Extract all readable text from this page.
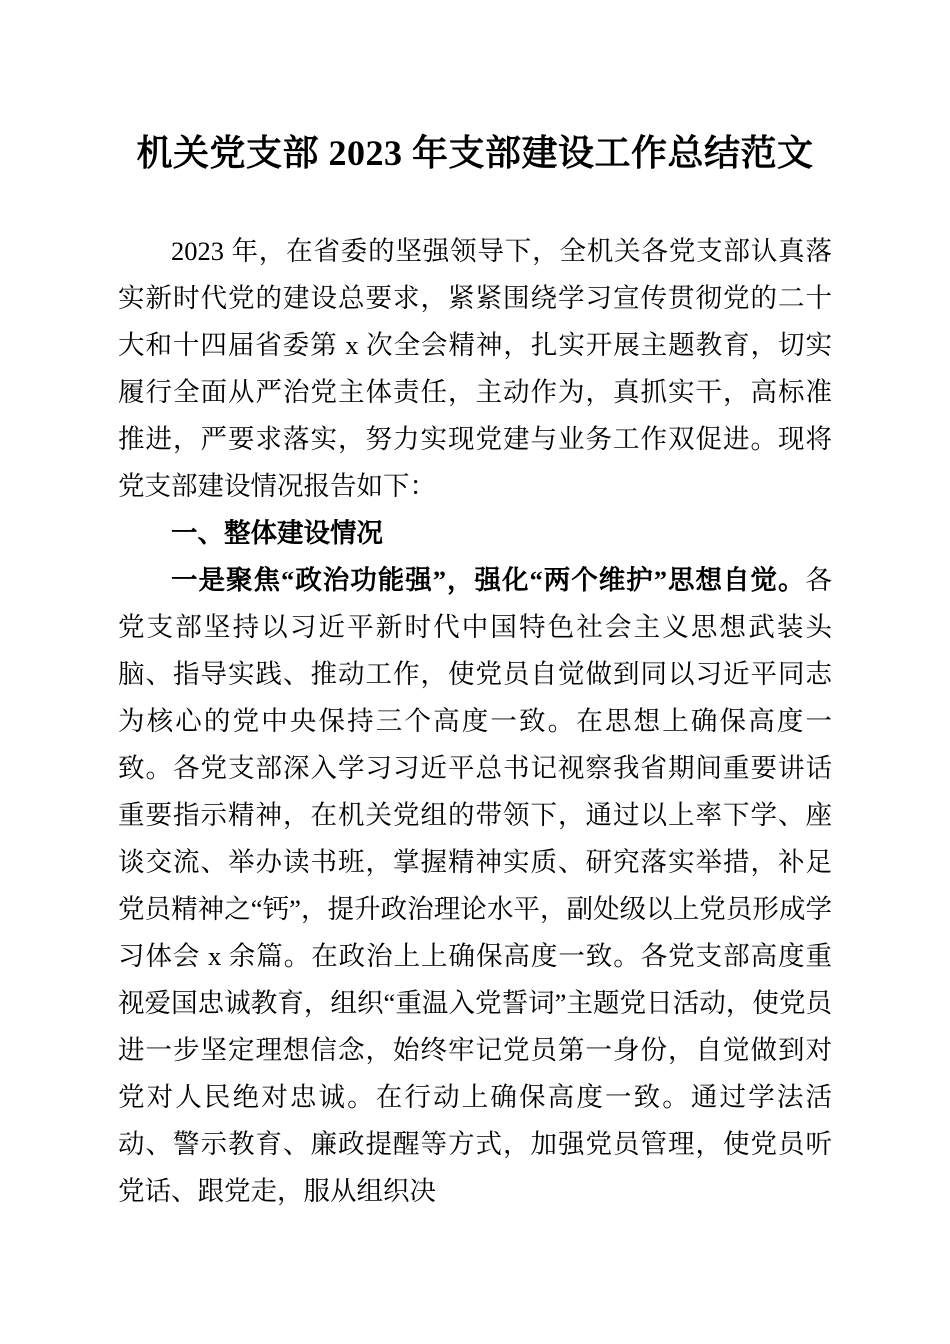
机关党支部 2023 年支部建设工作总结范文

2023 年，在省委的坚强领导下，全机关各党支部认真落实新时代党的建设总要求，紧紧围绕学习宣传贯彻党的二十大和十四届省委第 x 次全会精神，扎实开展主题教育，切实履行全面从严治党主体责任，主动作为，真抓实干，高标准推进，严要求落实，努力实现党建与业务工作双促进。现将党支部建设情况报告如下：

一、整体建设情况

一是聚焦“政治功能强”，强化“两个维护”思想自觉。各党支部坚持以习近平新时代中国特色社会主义思想武装头脑、指导实践、推动工作，使党员自觉做到同以习近平同志为核心的党中央保持三个高度一致。在思想上确保高度一致。各党支部深入学习习近平总书记视察我省期间重要讲话重要指示精神，在机关党组的带领下，通过以上率下学、座谈交流、举办读书班，掌握精神实质、研究落实举措，补足党员精神之“钙”，提升政治理论水平，副处级以上党员形成学习体会 x 余篇。在政治上上确保高度一致。各党支部高度重视爱国忠诚教育，组织“重温入党誓词”主题党日活动，使党员进一步坚定理想信念，始终牢记党员第一身份，自觉做到对党对人民绝对忠诚。在行动上确保高度一致。通过学法活动、警示教育、廉政提醒等方式，加强党员管理，使党员听党话、跟党走，服从组织决
